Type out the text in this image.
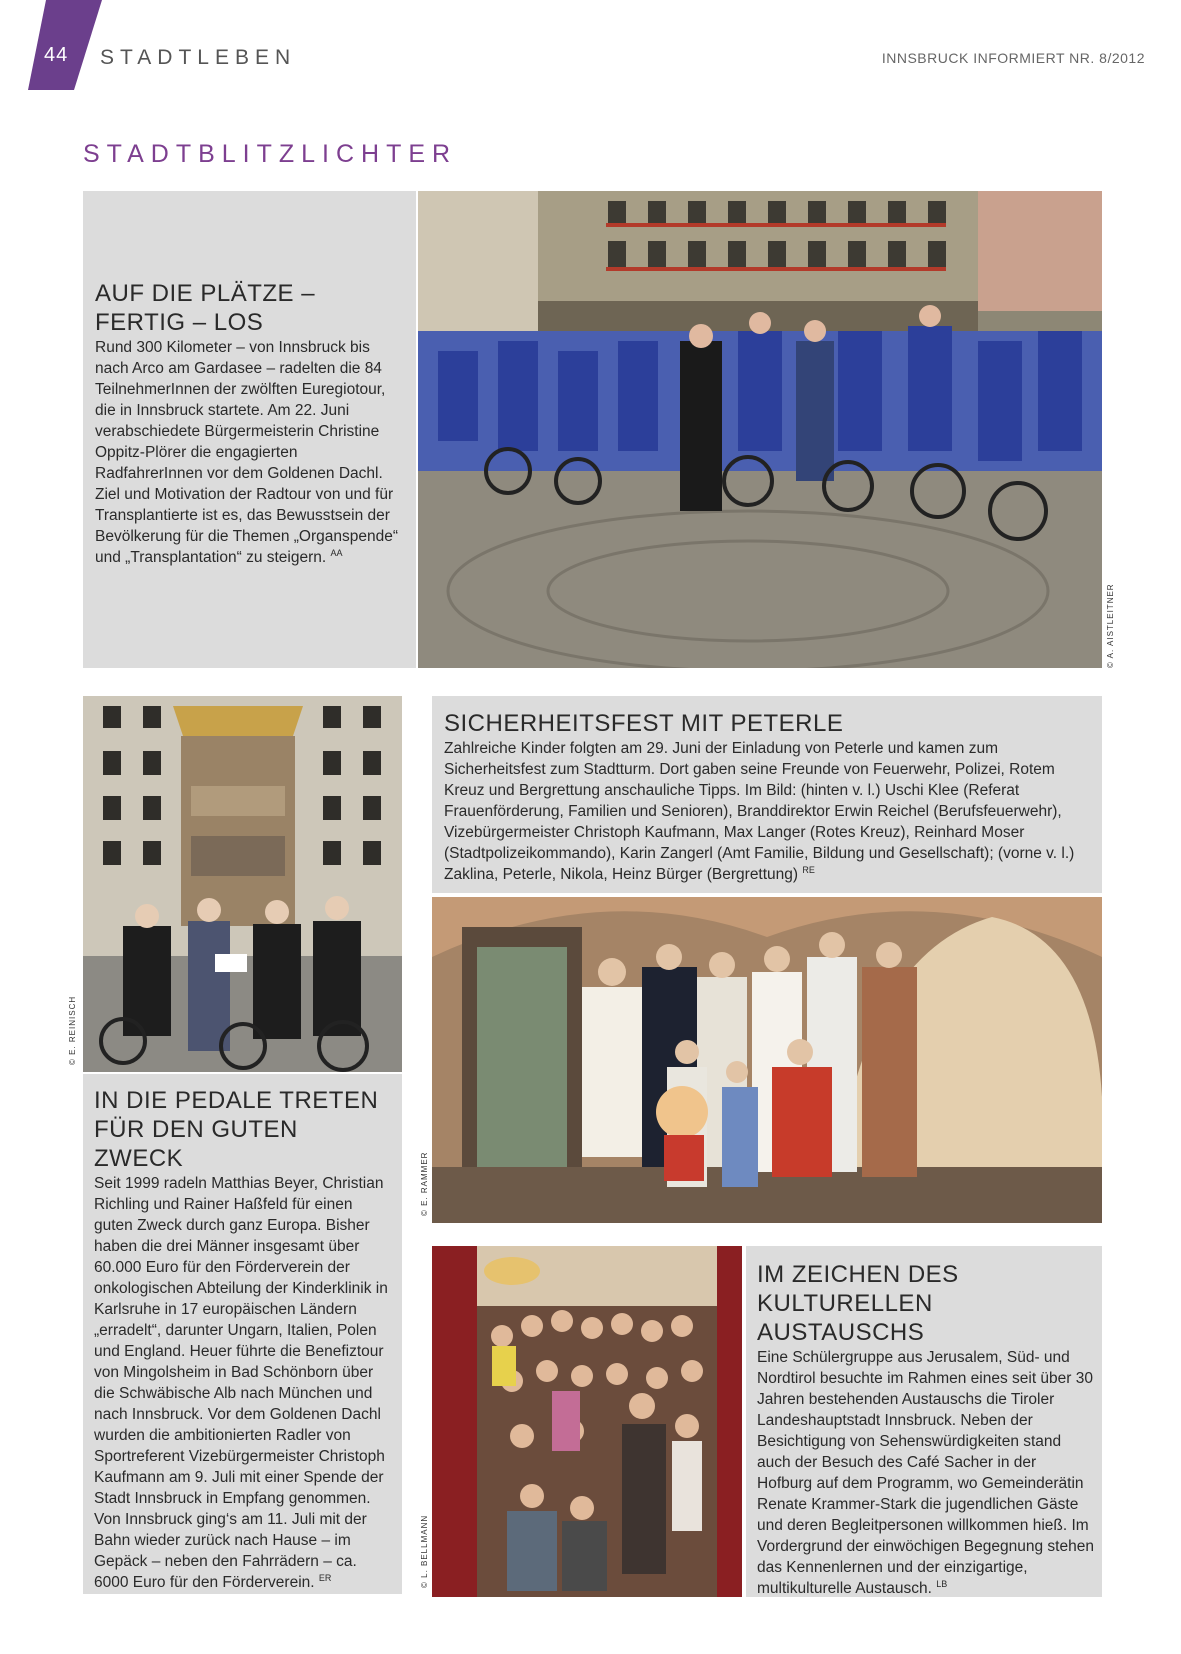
44 STADTLEBEN	INNSBRUCK INFORMIERT NR. 8/2012
STADTBLITZLICHTER
AUF DIE PLÄTZE –
FERTIG – LOS

Rund 300 Kilometer – von Innsbruck bis nach Arco am Gardasee – radelten die 84 TeilnehmerInnen der zwölften Euregiotour, die in Innsbruck startete. Am 22. Juni verabschiedete Bürgermeisterin Christine Oppitz-Plörer die engagierten RadfahrerInnen vor dem Goldenen Dachl. Ziel und Motivation der Radtour von und für Transplantierte ist es, das Bewusstsein der Bevölkerung für die Themen „Organspende“ und „Transplantation“ zu steigern. $^{AA}$

© A. AISTLEITNER
© E. REINISCH
IN DIE PEDALE TRETEN
FÜR DEN GUTEN ZWECK

Seit 1999 radeln Matthias Beyer, Christian Richling und Rainer Haßfeld für einen guten Zweck durch ganz Europa. Bisher haben die drei Männer insgesamt über 60.000 Euro für den Förderverein der onkologischen Abteilung der Kinderklinik in Karlsruhe in 17 europäischen Ländern „erradelt“, darunter Ungarn, Italien, Polen und England. Heuer führte die Benefiztour von Mingolsheim in Bad Schönborn über die Schwäbische Alb nach München und nach Innsbruck. Vor dem Goldenen Dachl wurden die ambitionierten Radler von Sportreferent Vizebürgermeister Christoph Kaufmann am 9. Juli mit einer Spende der Stadt Innsbruck in Empfang genommen. Von Innsbruck ging‘s am 11. Juli mit der Bahn wieder zurück nach Hause – im Gepäck – neben den Fahrrädern – ca. 6000 Euro für den Förderverein. $^{ER}$

SICHERHEITSFEST MIT PETERLE

Zahlreiche Kinder folgten am 29. Juni der Einladung von Peterle und kamen zum Sicherheitsfest zum Stadtturm. Dort gaben seine Freunde von Feuerwehr, Polizei, Rotem Kreuz und Bergrettung anschauliche Tipps. Im Bild: (hinten v. l.) Uschi Klee (Referat Frauenförderung, Familien und Senioren), Branddirektor Erwin Reichel (Berufsfeuerwehr), Vizebürgermeister Christoph Kaufmann, Max Langer (Rotes Kreuz), Reinhard Moser (Stadtpolizeikommando), Karin Zangerl (Amt Familie, Bildung und Gesellschaft); (vorne v. l.) Zaklina, Peterle, Nikola, Heinz Bürger (Bergrettung) $^{RE}$

© E. RAMMER
© L. BELLMANN
IM ZEICHEN DES
KULTURELLEN AUSTAUSCHS

Eine Schülergruppe aus Jerusalem, Süd- und Nordtirol besuchte im Rahmen eines seit über 30 Jahren bestehenden Austauschs die Tiroler Landeshauptstadt Innsbruck. Neben der Besichtigung von Sehenswürdigkeiten stand auch der Besuch des Café Sacher in der Hofburg auf dem Programm, wo Gemeinderätin Renate Krammer-Stark die jugendlichen Gäste und deren Begleitpersonen willkommen hieß. Im Vordergrund der einwöchigen Begegnung stehen das Kennenlernen und der einzigartige, multikulturelle Austausch. $^{LB}$
